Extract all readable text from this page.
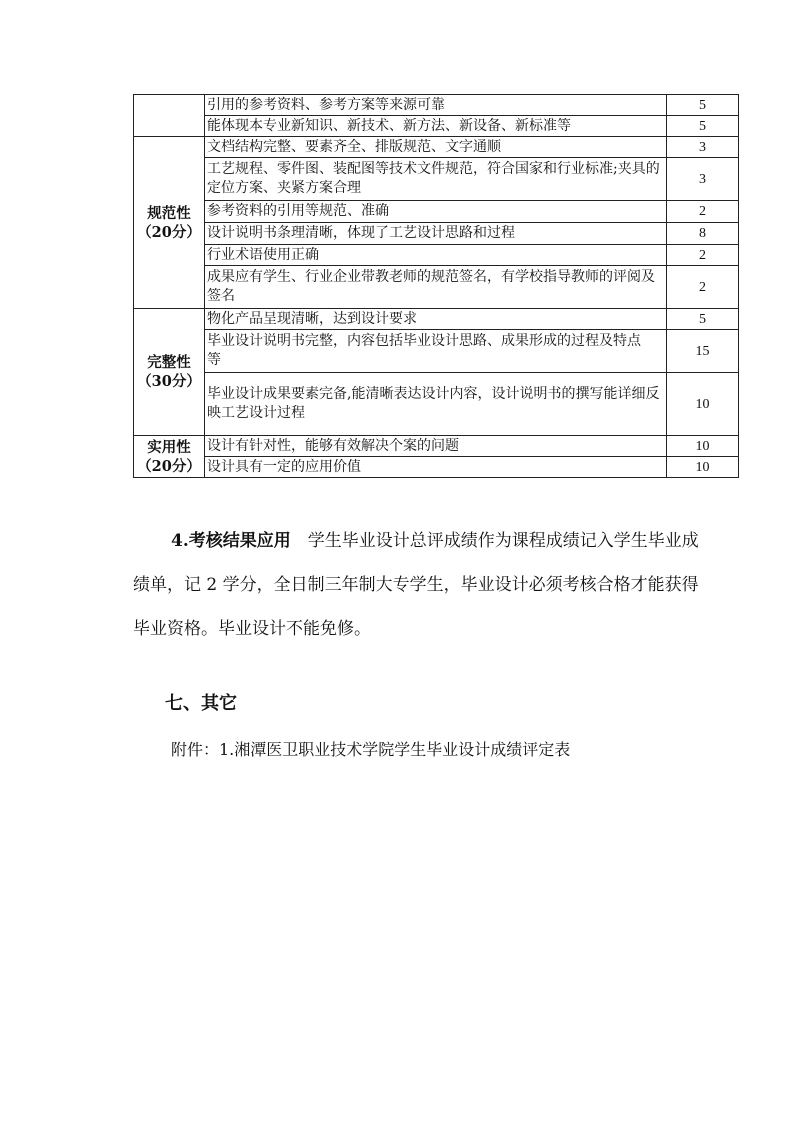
	引用的参考资料、参考方案等来源可靠	5
	能体现本专业新知识、新技术、新方法、新设备、新标准等	5

规范性
（20分）	文档结构完整、要素齐全、排版规范、文字通顺	3
	工艺规程、零件图、装配图等技术文件规范，符合国家和行业标准;夹具的定位方案、夹紧方案合理	3
	参考资料的引用等规范、准确	2
	设计说明书条理清晰，体现了工艺设计思路和过程	8
	行业术语使用正确	2
	成果应有学生、行业企业带教老师的规范签名，有学校指导教师的评阅及签名	2

完整性
（30分）	物化产品呈现清晰，达到设计要求	5
	毕业设计说明书完整，内容包括毕业设计思路、成果形成的过程及特点　等	15
	毕业设计成果要素完备,能清晰表达设计内容，设计说明书的撰写能详细反映工艺设计过程	10

实用性
（20分）	设计有针对性，能够有效解决个案的问题	10
	设计具有一定的应用价值	10
4.考核结果应用　 学生毕业设计总评成绩作为课程成绩记入学生毕业成绩单，记 2 学分，全日制三年制大专学生，毕业设计必须考核合格才能获得毕业资格。毕业设计不能免修。
七、其它
附件：1.湘潭医卫职业技术学院学生毕业设计成绩评定表
